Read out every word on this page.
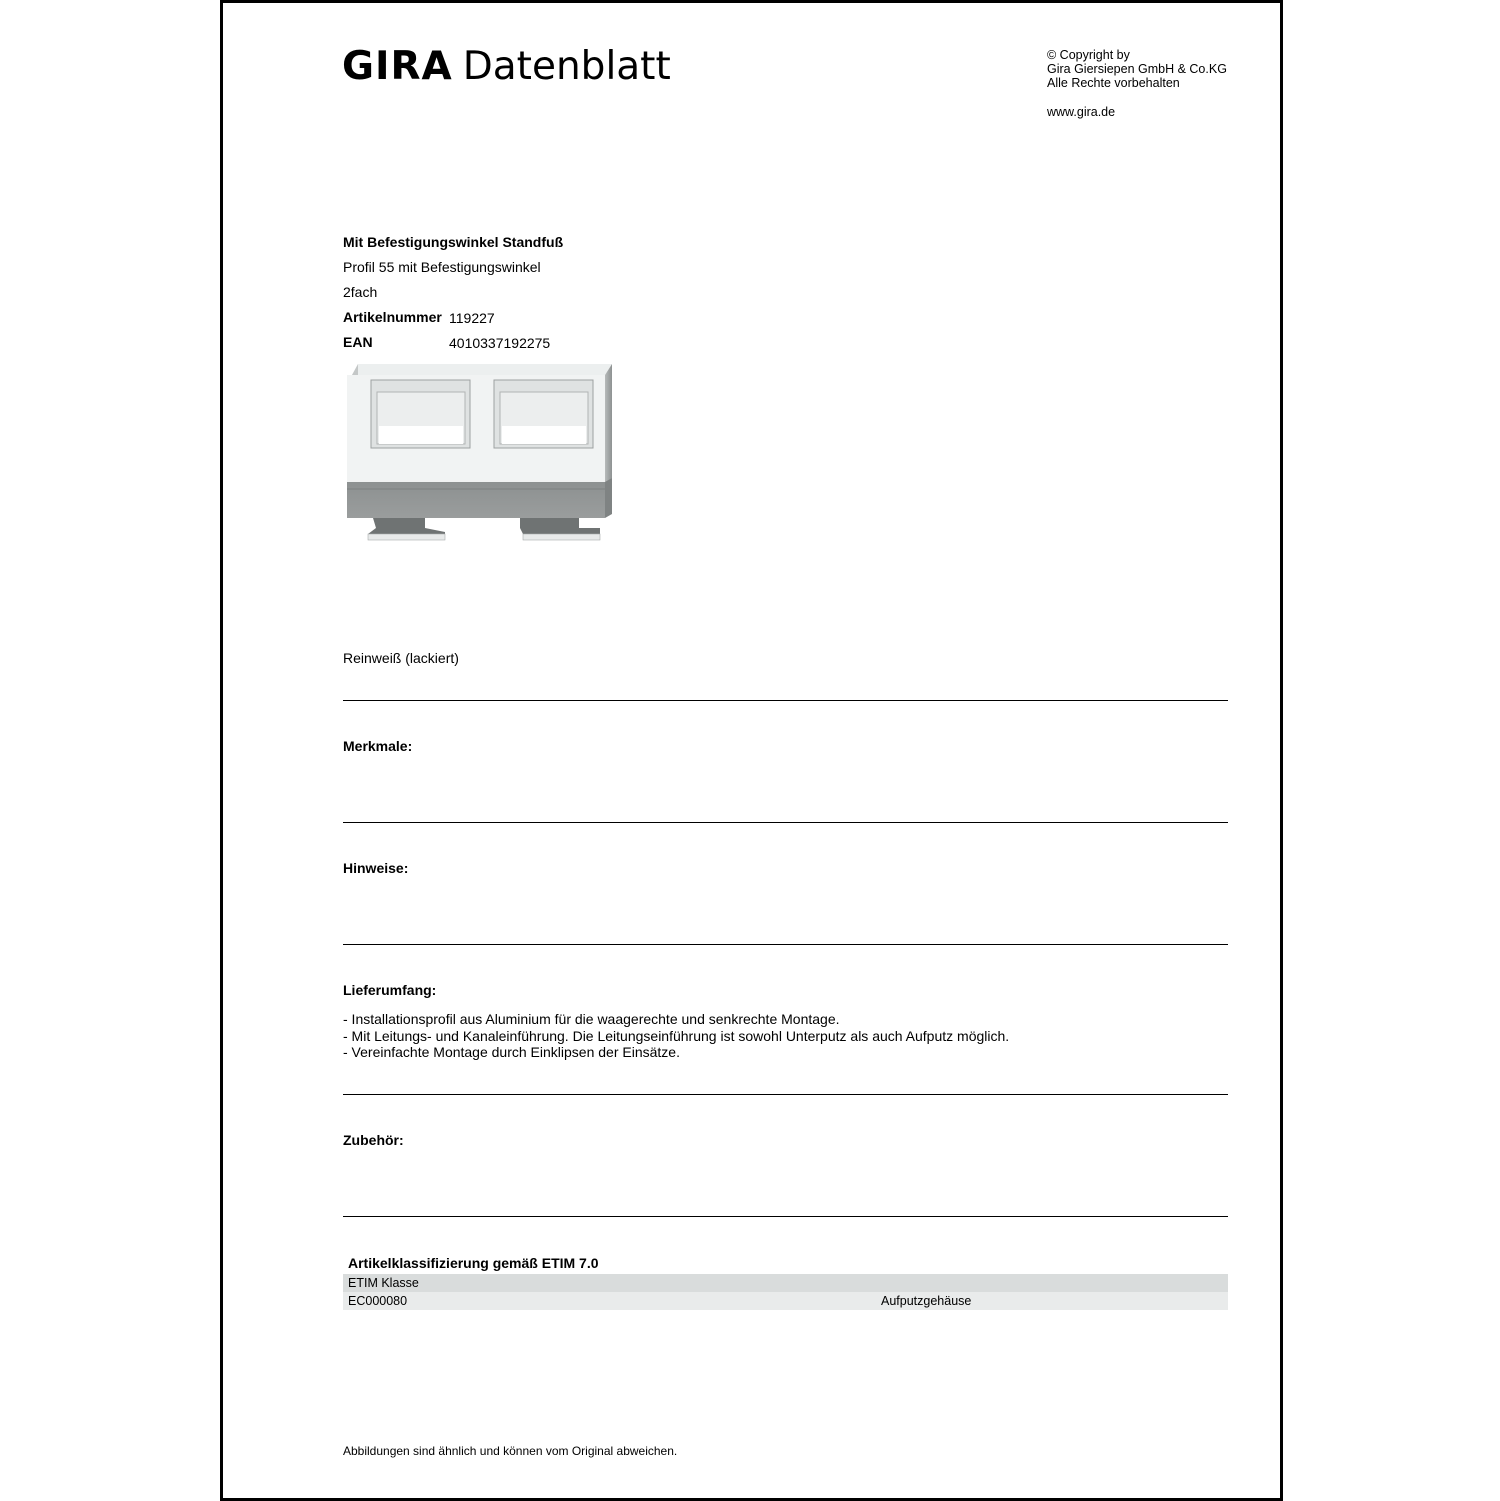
GIRA Datenblatt	© Copyright by
Gira Giersiepen GmbH & Co.KG
Alle Rechte vorbehalten
www.gira.de
Mit Befestigungswinkel Standfuß
Profil 55 mit Befestigungswinkel
2fach
Artikelnummer 119227
EAN	4010337192275
Reinweiß (lackiert)
Merkmale:
Hinweise:
Lieferumfang:
- Installationsprofil aus Aluminium für die waagerechte und senkrechte Montage.
- Mit Leitungs- und Kanaleinführung. Die Leitungseinführung ist sowohl Unterputz als auch Aufputz möglich.
- Vereinfachte Montage durch Einklipsen der Einsätze.
Zubehör:
Artikelklassifizierung gemäß ETIM 7.0
ETIM Klasse
EC000080	Aufputzgehäuse
Abbildungen sind ähnlich und können vom Original abweichen.
